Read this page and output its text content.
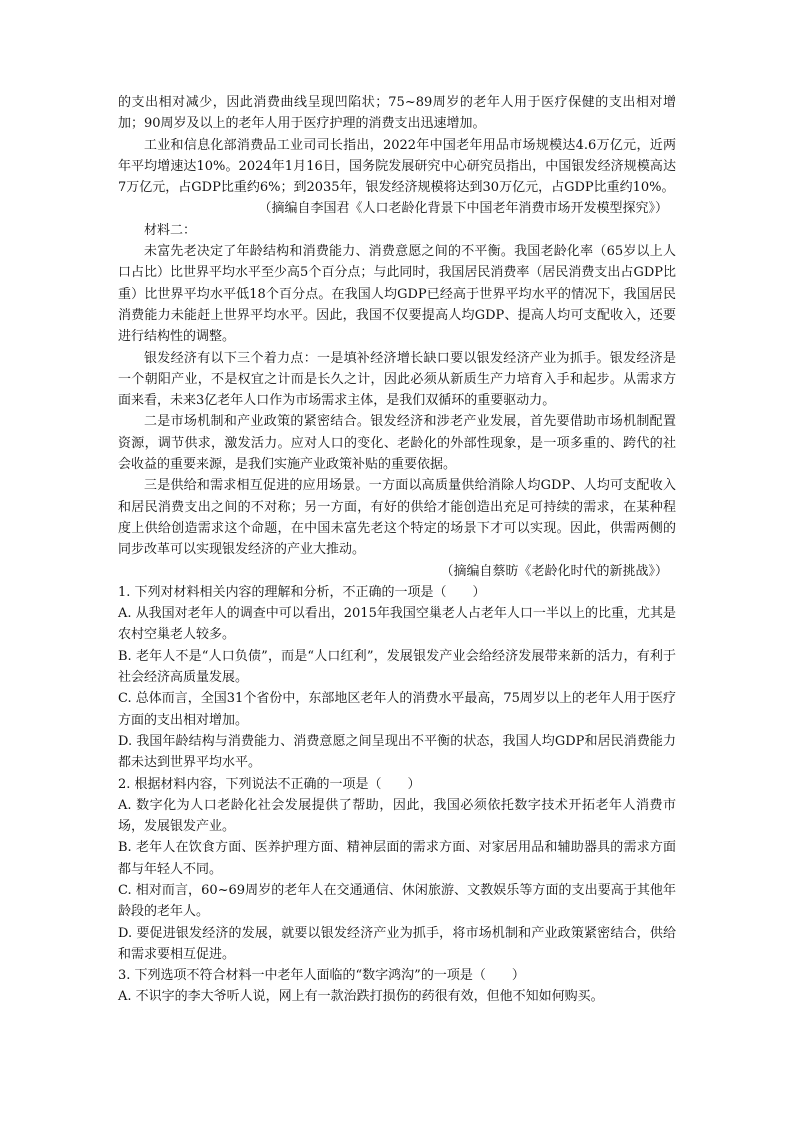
的支出相对减少，因此消费曲线呈现凹陷状；75~89周岁的老年人用于医疗保健的支出相对增加；90周岁及以上的老年人用于医疗护理的消费支出迅速增加。

工业和信息化部消费品工业司司长指出，2022年中国老年用品市场规模达4.6万亿元，近两年平均增速达10%。2024年1月16日，国务院发展研究中心研究员指出，中国银发经济规模高达7万亿元，占GDP比重约6%；到2035年，银发经济规模将达到30万亿元，占GDP比重约10%。

（摘编自李国君《人口老龄化背景下中国老年消费市场开发模型探究》）

材料二：

未富先老决定了年龄结构和消费能力、消费意愿之间的不平衡。我国老龄化率（65岁以上人口占比）比世界平均水平至少高5个百分点；与此同时，我国居民消费率（居民消费支出占GDP比重）比世界平均水平低18个百分点。在我国人均GDP已经高于世界平均水平的情况下，我国居民消费能力未能赶上世界平均水平。因此，我国不仅要提高人均GDP、提高人均可支配收入，还要进行结构性的调整。

银发经济有以下三个着力点：一是填补经济增长缺口要以银发经济产业为抓手。银发经济是一个朝阳产业，不是权宜之计而是长久之计，因此必须从新质生产力培育入手和起步。从需求方面来看，未来3亿老年人口作为市场需求主体，是我们双循环的重要驱动力。

二是市场机制和产业政策的紧密结合。银发经济和涉老产业发展，首先要借助市场机制配置资源，调节供求，激发活力。应对人口的变化、老龄化的外部性现象，是一项多重的、跨代的社会收益的重要来源，是我们实施产业政策补贴的重要依据。

三是供给和需求相互促进的应用场景。一方面以高质量供给消除人均GDP、人均可支配收入和居民消费支出之间的不对称；另一方面，有好的供给才能创造出充足可持续的需求，在某种程度上供给创造需求这个命题，在中国未富先老这个特定的场景下才可以实现。因此，供需两侧的同步改革可以实现银发经济的产业大推动。

（摘编自蔡昉《老龄化时代的新挑战》）

1. 下列对材料相关内容的理解和分析，不正确的一项是（　　）

A. 从我国对老年人的调查中可以看出，2015年我国空巢老人占老年人口一半以上的比重，尤其是农村空巢老人较多。

B. 老年人不是“人口负债”，而是“人口红利”，发展银发产业会给经济发展带来新的活力，有利于社会经济高质量发展。

C. 总体而言，全国31个省份中，东部地区老年人的消费水平最高，75周岁以上的老年人用于医疗方面的支出相对增加。

D. 我国年龄结构与消费能力、消费意愿之间呈现出不平衡的状态，我国人均GDP和居民消费能力都未达到世界平均水平。

2. 根据材料内容，下列说法不正确的一项是（　　）

A. 数字化为人口老龄化社会发展提供了帮助，因此，我国必须依托数字技术开拓老年人消费市场，发展银发产业。

B. 老年人在饮食方面、医养护理方面、精神层面的需求方面、对家居用品和辅助器具的需求方面都与年轻人不同。

C. 相对而言，60~69周岁的老年人在交通通信、休闲旅游、文教娱乐等方面的支出要高于其他年龄段的老年人。

D. 要促进银发经济的发展，就要以银发经济产业为抓手，将市场机制和产业政策紧密结合，供给和需求要相互促进。

3. 下列选项不符合材料一中老年人面临的“数字鸿沟”的一项是（　　）

A. 不识字的李大爷听人说，网上有一款治跌打损伤的药很有效，但他不知如何购买。
